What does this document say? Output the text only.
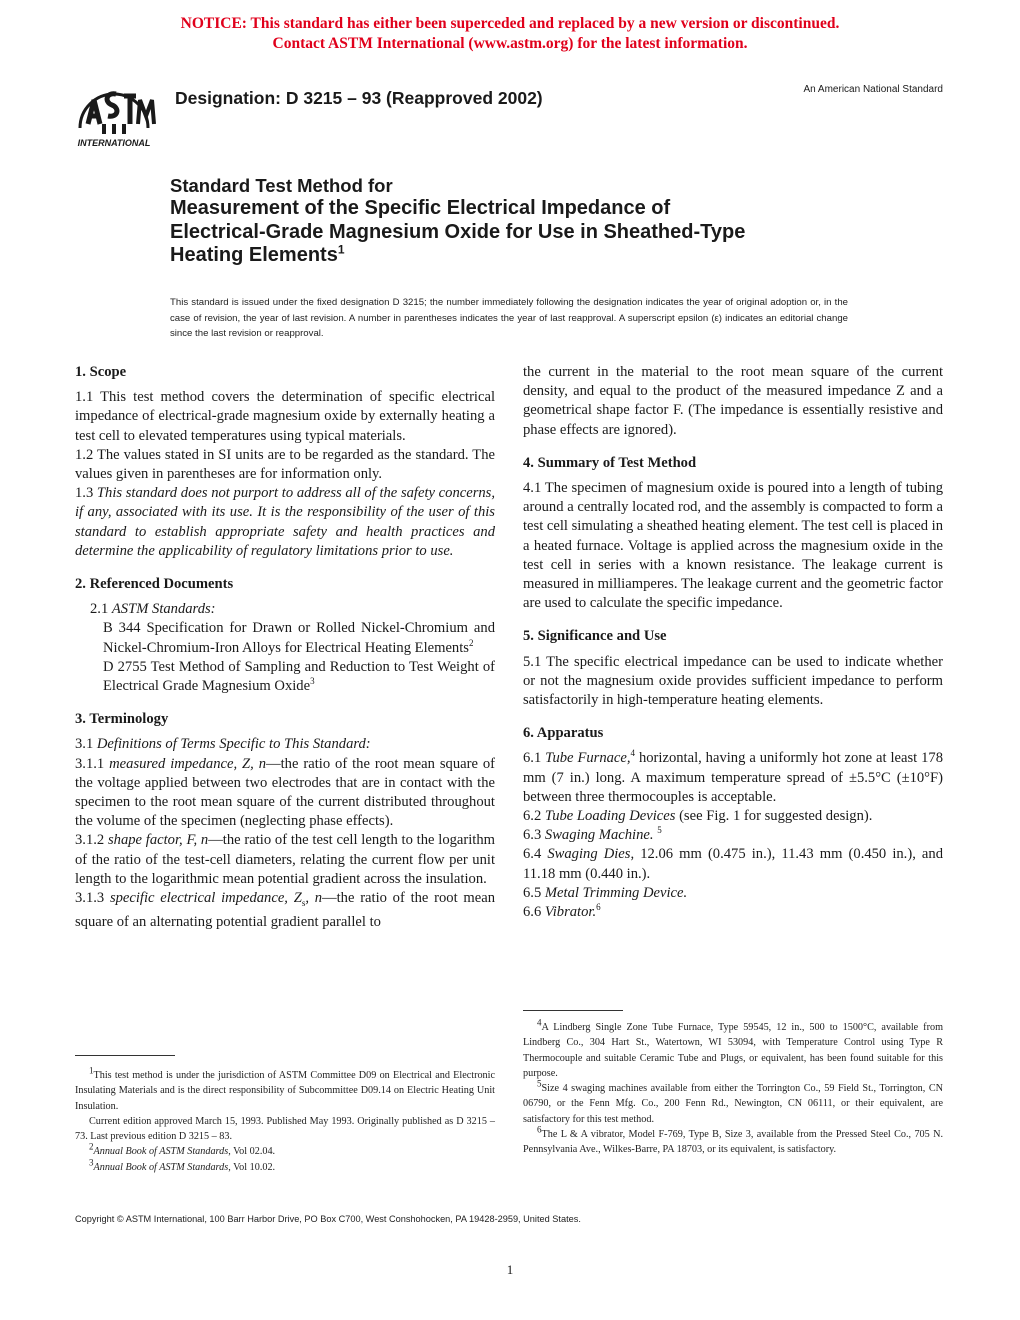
NOTICE: This standard has either been superceded and replaced by a new version or discontinued.
Contact ASTM International (www.astm.org) for the latest information.
INTERNATIONAL
Designation: D 3215 – 93 (Reapproved 2002)	An American National Standard
Standard Test Method for
Measurement of the Specific Electrical Impedance of
Electrical-Grade Magnesium Oxide for Use in Sheathed-Type
Heating Elements$^1$
This standard is issued under the fixed designation D 3215; the number immediately following the designation indicates the year of original adoption or, in the case of revision, the year of last revision. A number in parentheses indicates the year of last reapproval. A superscript epsilon (ε) indicates an editorial change since the last revision or reapproval.
1. Scope

1.1 This test method covers the determination of specific electrical impedance of electrical-grade magnesium oxide by externally heating a test cell to elevated temperatures using typical materials.

1.2 The values stated in SI units are to be regarded as the standard. The values given in parentheses are for information only.

1.3 This standard does not purport to address all of the safety concerns, if any, associated with its use. It is the responsibility of the user of this standard to establish appropriate safety and health practices and determine the applicability of regulatory limitations prior to use.

2. Referenced Documents

2.1 ASTM Standards:

B 344 Specification for Drawn or Rolled Nickel-Chromium and Nickel-Chromium-Iron Alloys for Electrical Heating Elements$^2$

D 2755 Test Method of Sampling and Reduction to Test Weight of Electrical Grade Magnesium Oxide$^3$

3. Terminology

3.1 Definitions of Terms Specific to This Standard:

3.1.1 measured impedance, Z, n—the ratio of the root mean square of the voltage applied between two electrodes that are in contact with the specimen to the root mean square of the current distributed throughout the volume of the specimen (neglecting phase effects).

3.1.2 shape factor, F, n—the ratio of the test cell length to the logarithm of the ratio of the test-cell diameters, relating the current flow per unit length to the logarithmic mean potential gradient across the insulation.

3.1.3 specific electrical impedance, $Z_s$, n—the ratio of the root mean square of an alternating potential gradient parallel to

the current in the material to the root mean square of the current density, and equal to the product of the measured impedance Z and a geometrical shape factor F. (The impedance is essentially resistive and phase effects are ignored).

4. Summary of Test Method

4.1 The specimen of magnesium oxide is poured into a length of tubing around a centrally located rod, and the assembly is compacted to form a test cell simulating a sheathed heating element. The test cell is placed in a heated furnace. Voltage is applied across the magnesium oxide in the test cell in series with a known resistance. The leakage current is measured in milliamperes. The leakage current and the geometric factor are used to calculate the specific impedance.

5. Significance and Use

5.1 The specific electrical impedance can be used to indicate whether or not the magnesium oxide provides sufficient impedance to perform satisfactorily in high-temperature heating elements.

6. Apparatus

6.1 Tube Furnace,$^4$ horizontal, having a uniformly hot zone at least 178 mm (7 in.) long. A maximum temperature spread of ±5.5°C (±10°F) between three thermocouples is acceptable.

6.2 Tube Loading Devices (see Fig. 1 for suggested design).

6.3 Swaging Machine. $^5$

6.4 Swaging Dies, 12.06 mm (0.475 in.), 11.43 mm (0.450 in.), and 11.18 mm (0.440 in.).

6.5 Metal Trimming Device.

6.6 Vibrator.$^6$

$^1$This test method is under the jurisdiction of ASTM Committee D09 on Electrical and Electronic Insulating Materials and is the direct responsibility of Subcommittee D09.14 on Electric Heating Unit Insulation.

Current edition approved March 15, 1993. Published May 1993. Originally published as D 3215 – 73. Last previous edition D 3215 – 83.

$^2$Annual Book of ASTM Standards, Vol 02.04.

$^3$Annual Book of ASTM Standards, Vol 10.02.

$^4$A Lindberg Single Zone Tube Furnace, Type 59545, 12 in., 500 to 1500°C, available from Lindberg Co., 304 Hart St., Watertown, WI 53094, with Temperature Control using Type R Thermocouple and suitable Ceramic Tube and Plugs, or equivalent, has been found suitable for this purpose.

$^5$Size 4 swaging machines available from either the Torrington Co., 59 Field St., Torrington, CN 06790, or the Fenn Mfg. Co., 200 Fenn Rd., Newington, CN 06111, or their equivalent, are satisfactory for this test method.

$^6$The L & A vibrator, Model F-769, Type B, Size 3, available from the Pressed Steel Co., 705 N. Pennsylvania Ave., Wilkes-Barre, PA 18703, or its equivalent, is satisfactory.

Copyright © ASTM International, 100 Barr Harbor Drive, PO Box C700, West Conshohocken, PA 19428-2959, United States.
1
